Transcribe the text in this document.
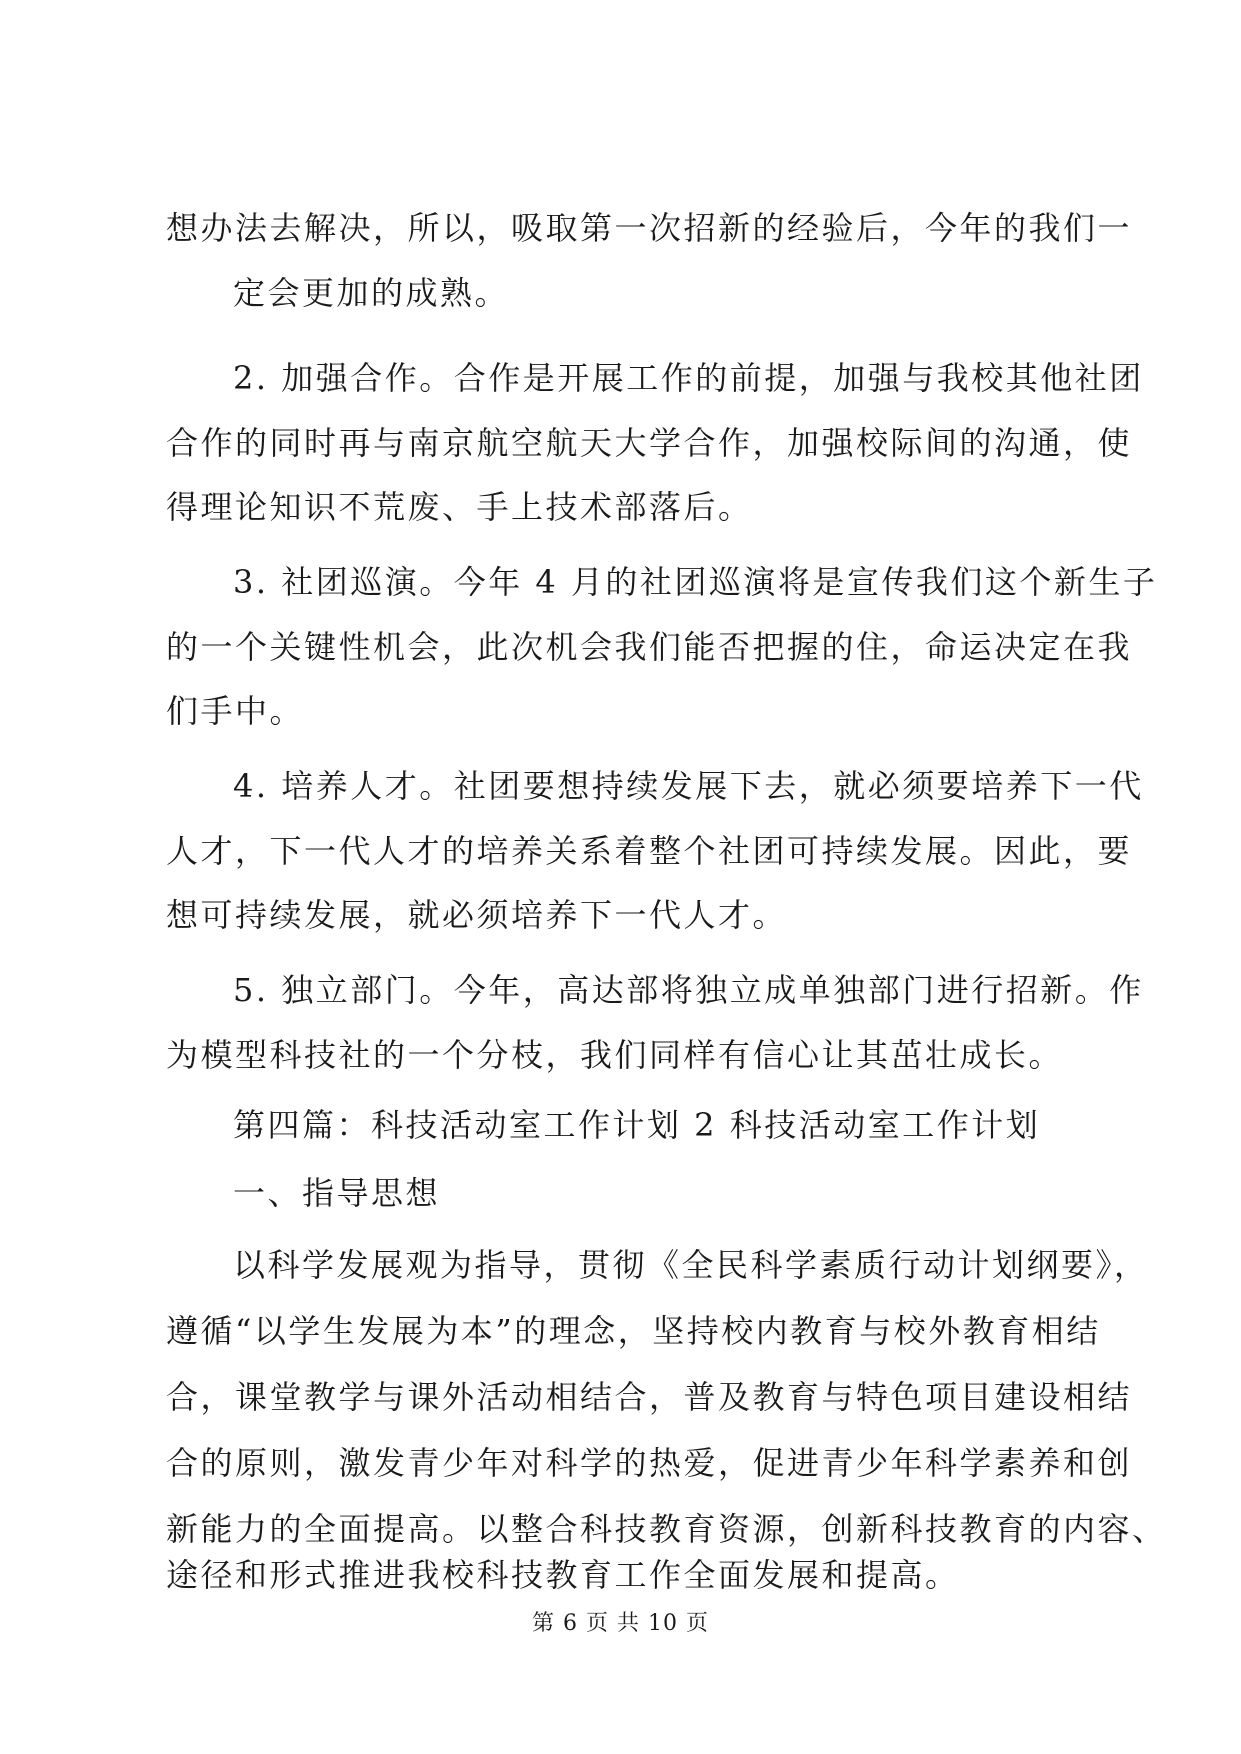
想办法去解决，所以，吸取第一次招新的经验后，今年的我们一
定会更加的成熟。
2. 加强合作。合作是开展工作的前提，加强与我校其他社团
合作的同时再与南京航空航天大学合作，加强校际间的沟通，使
得理论知识不荒废、手上技术部落后。
3. 社团巡演。今年 4 月的社团巡演将是宣传我们这个新生子
的一个关键性机会，此次机会我们能否把握的住，命运决定在我
们手中。
4. 培养人才。社团要想持续发展下去，就必须要培养下一代
人才，下一代人才的培养关系着整个社团可持续发展。因此，要
想可持续发展，就必须培养下一代人才。
5. 独立部门。今年，高达部将独立成单独部门进行招新。作
为模型科技社的一个分枝，我们同样有信心让其茁壮成长。
第四篇：科技活动室工作计划 2 科技活动室工作计划
一、指导思想
以科学发展观为指导，贯彻《全民科学素质行动计划纲要》，
遵循“以学生发展为本”的理念，坚持校内教育与校外教育相结
合，课堂教学与课外活动相结合，普及教育与特色项目建设相结
合的原则，激发青少年对科学的热爱，促进青少年科学素养和创
新能力的全面提高。以整合科技教育资源，创新科技教育的内容、
途径和形式推进我校科技教育工作全面发展和提高。
第 6 页 共 10 页
